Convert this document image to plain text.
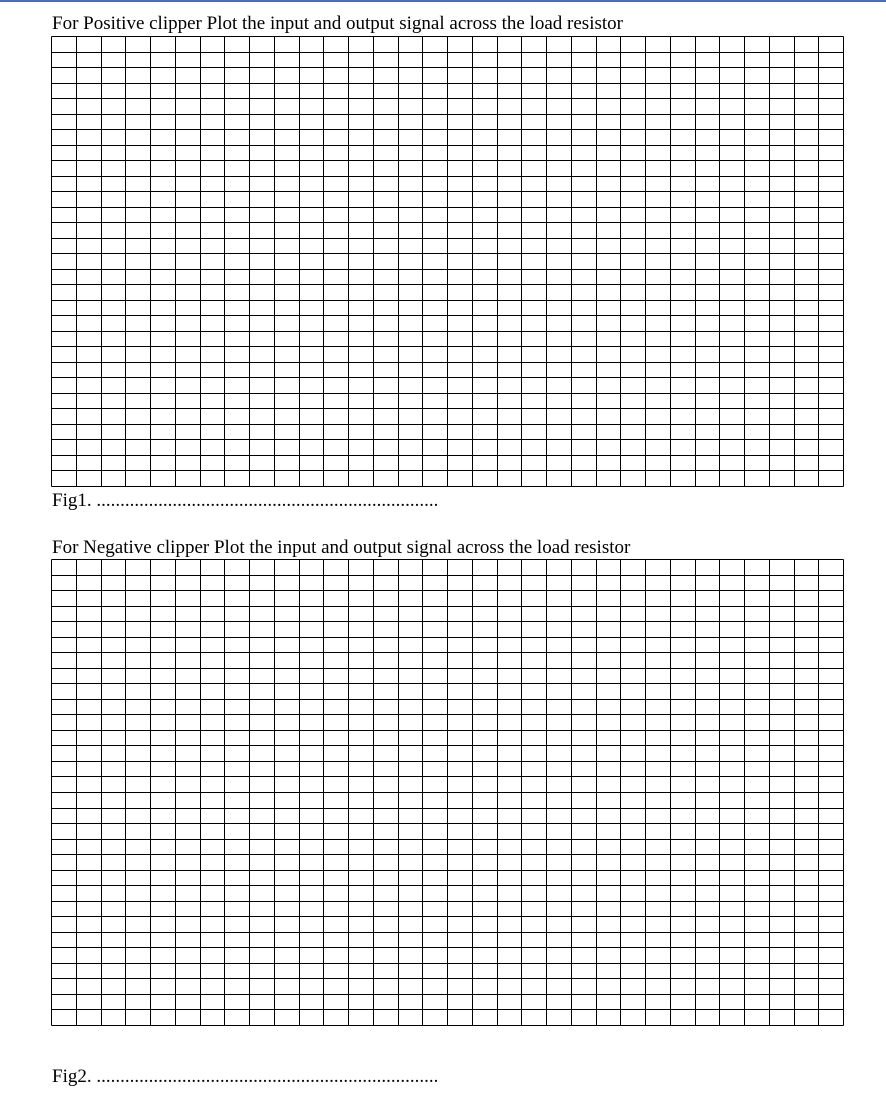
For Positive clipper Plot the input and output signal across the load resistor
Fig1. ........................................................................
For Negative clipper Plot the input and output signal across the load resistor
Fig2. ........................................................................
